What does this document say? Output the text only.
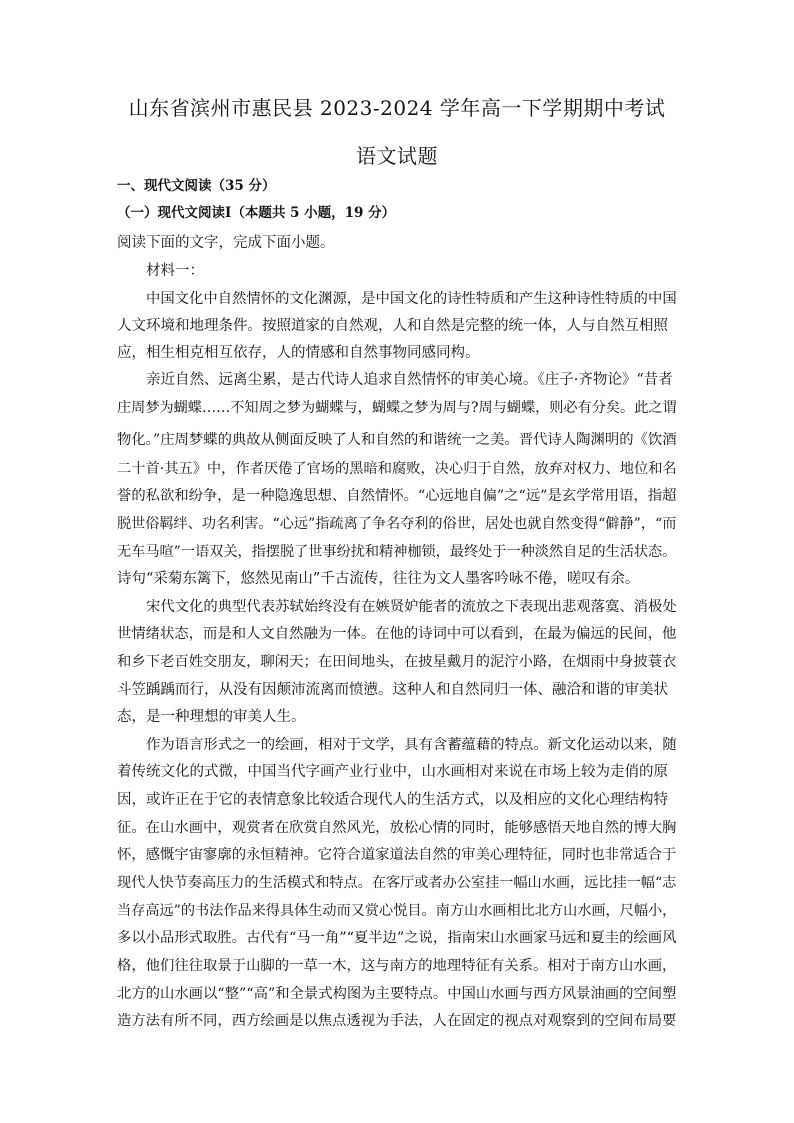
山东省滨州市惠民县 2023-2024 学年高一下学期期中考试
语文试题
一、现代文阅读（35 分）
（一）现代文阅读Ⅰ（本题共 5 小题，19 分）
阅读下面的文字，完成下面小题。
材料一：
中国文化中自然情怀的文化渊源，是中国文化的诗性特质和产生这种诗性特质的中国
人文环境和地理条件。按照道家的自然观，人和自然是完整的统一体，人与自然互相照
应，相生相克相互依存，人的情感和自然事物同感同构。
亲近自然、远离尘累，是古代诗人追求自然情怀的审美心境。《庄子·齐物论》“昔者
庄周梦为蝴蝶……不知周之梦为蝴蝶与，蝴蝶之梦为周与?周与蝴蝶，则必有分矣。此之谓
物化。”庄周梦蝶的典故从侧面反映了人和自然的和谐统一之美。晋代诗人陶渊明的《饮酒
二十首·其五》中，作者厌倦了官场的黑暗和腐败，决心归于自然，放弃对权力、地位和名
誉的私欲和纷争，是一种隐逸思想、自然情怀。“心远地自偏”之“远”是玄学常用语，指超
脱世俗羁绊、功名利害。“心远”指疏离了争名夺利的俗世，居处也就自然变得“僻静”，“而
无车马喧”一语双关，指摆脱了世事纷扰和精神枷锁，最终处于一种淡然自足的生活状态。
诗句“采菊东篱下，悠然见南山”千古流传，往往为文人墨客吟咏不倦，嗟叹有余。
宋代文化的典型代表苏轼始终没有在嫉贤妒能者的流放之下表现出悲观落寞、消极处
世情绪状态，而是和人文自然融为一体。在他的诗词中可以看到，在最为偏远的民间，他
和乡下老百姓交朋友，聊闲天；在田间地头，在披星戴月的泥泞小路，在烟雨中身披蓑衣
斗笠踽踽而行，从没有因颠沛流离而愤懑。这种人和自然同归一体、融洽和谐的审美状
态，是一种理想的审美人生。
作为语言形式之一的绘画，相对于文学，具有含蓄蕴藉的特点。新文化运动以来，随
着传统文化的式微，中国当代字画产业行业中，山水画相对来说在市场上较为走俏的原
因，或许正在于它的表情意象比较适合现代人的生活方式，以及相应的文化心理结构特
征。在山水画中，观赏者在欣赏自然风光，放松心情的同时，能够感悟天地自然的博大胸
怀，感慨宇宙寥廓的永恒精神。它符合道家道法自然的审美心理特征，同时也非常适合于
现代人快节奏高压力的生活模式和特点。在客厅或者办公室挂一幅山水画，远比挂一幅“志
当存高远”的书法作品来得具体生动而又赏心悦目。南方山水画相比北方山水画，尺幅小，
多以小品形式取胜。古代有“马一角”“夏半边”之说，指南宋山水画家马远和夏圭的绘画风
格，他们往往取景于山脚的一草一木，这与南方的地理特征有关系。相对于南方山水画，
北方的山水画以“整”“高”和全景式构图为主要特点。中国山水画与西方风景油画的空间塑
造方法有所不同，西方绘画是以焦点透视为手法，人在固定的视点对观察到的空间布局要
